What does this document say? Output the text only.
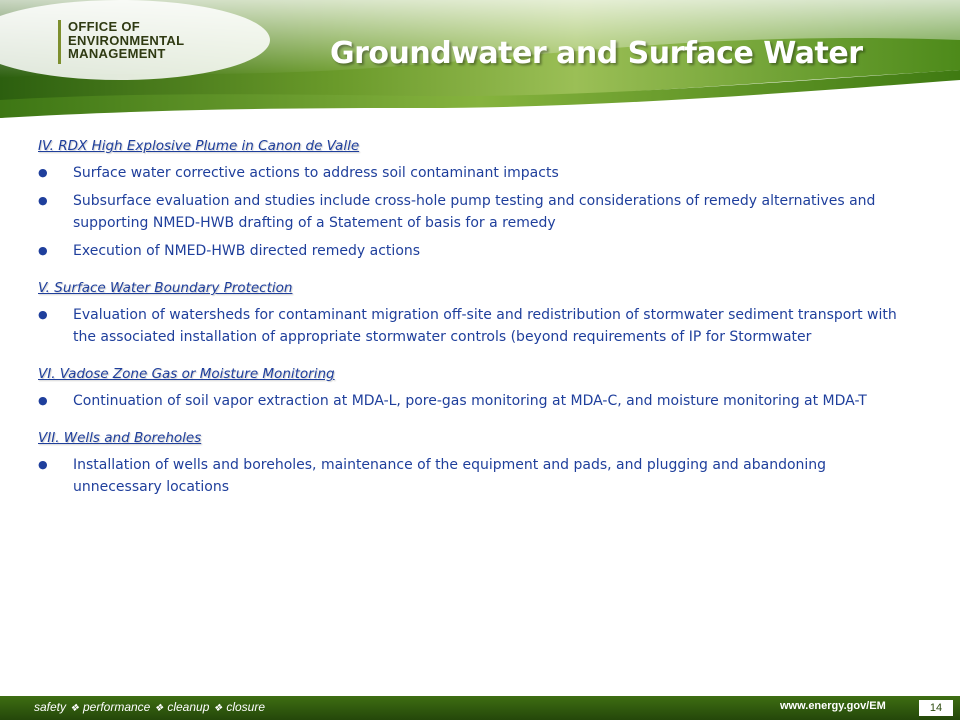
OFFICE OF
ENVIRONMENTAL
MANAGEMENT	Groundwater and Surface Water
IV. RDX High Explosive Plume in Canon de Valle
● Surface water corrective actions to address soil contaminant impacts
● Subsurface evaluation and studies include cross-hole pump testing and considerations of remedy alternatives and supporting NMED-HWB drafting of a Statement of basis for a remedy
● Execution of NMED-HWB directed remedy actions
V. Surface Water Boundary Protection
● Evaluation of watersheds for contaminant migration off-site and redistribution of stormwater sediment transport with the associated installation of appropriate stormwater controls (beyond requirements of IP for Stormwater
VI. Vadose Zone Gas or Moisture Monitoring
● Continuation of soil vapor extraction at MDA-L, pore-gas monitoring at MDA-C, and moisture monitoring at MDA-T
VII. Wells and Boreholes
● Installation of wells and boreholes, maintenance of the equipment and pads, and plugging and abandoning unnecessary locations
safety ❖ performance ❖ cleanup ❖ closure	www.energy.gov/EM	14
